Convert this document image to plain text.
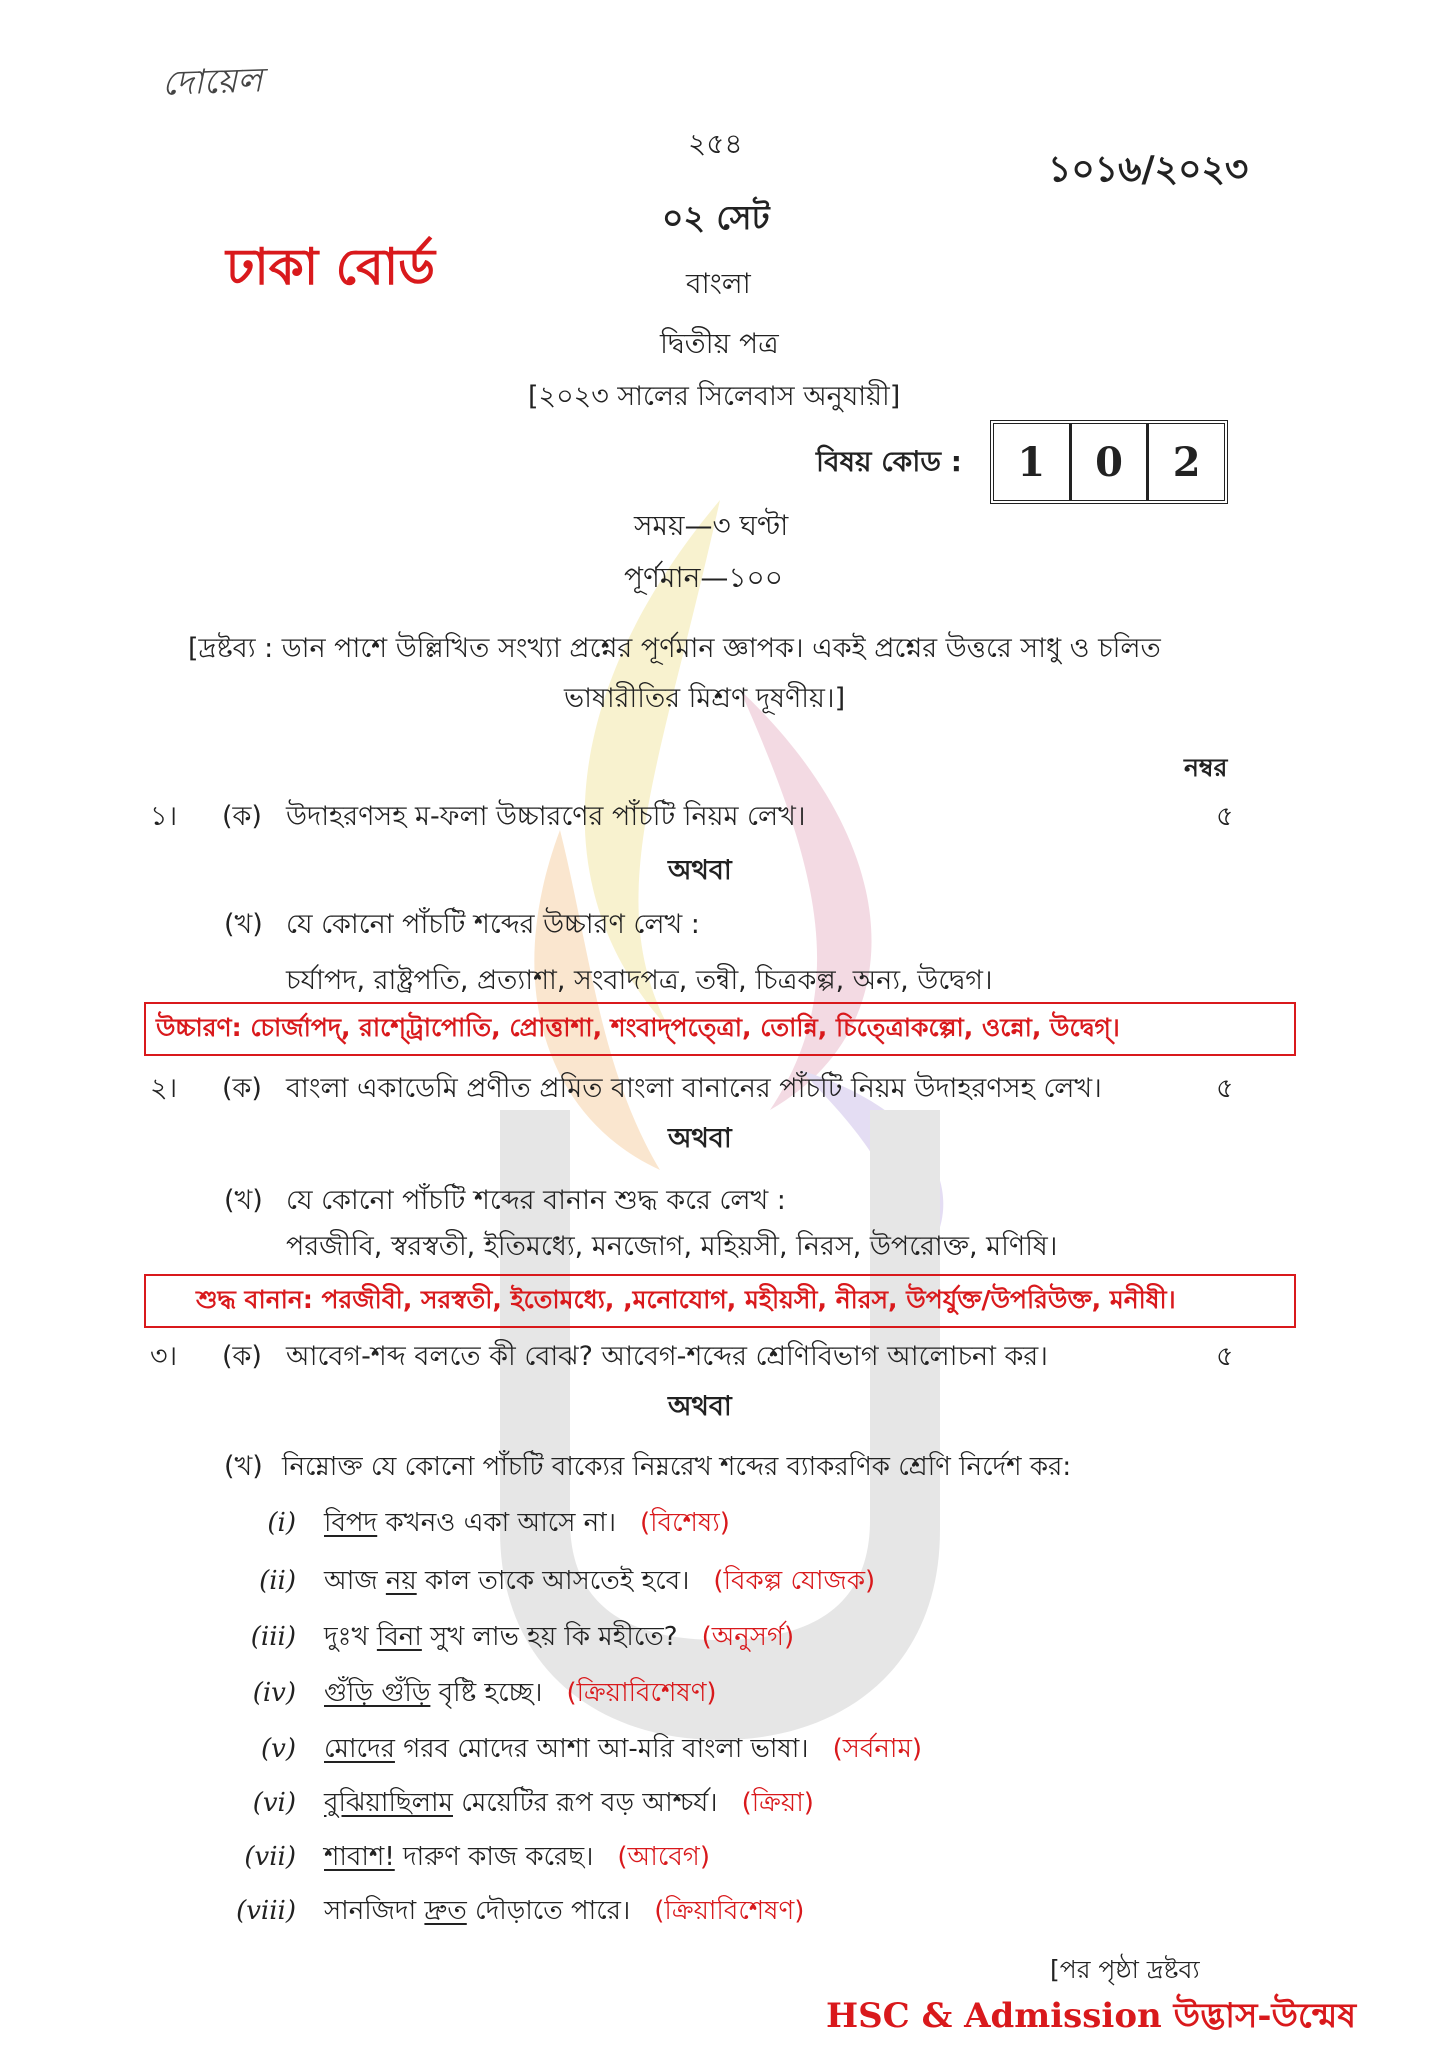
দোয়েল
২৫৪
১০১৬/২০২৩
০২ সেট
ঢাকা বোর্ড	বাংলা
দ্বিতীয় পত্র
[২০২৩ সালের সিলেবাস অনুযায়ী]
বিষয় কোড :	1	0	2
সময়—৩ ঘণ্টা
পূর্ণমান—১০০
[দ্রষ্টব্য : ডান পাশে উল্লিখিত সংখ্যা প্রশ্নের পূর্ণমান জ্ঞাপক। একই প্রশ্নের উত্তরে সাধু ও চলিত
ভাষারীতির মিশ্রণ দূষণীয়।]
নম্বর
১। (ক) উদাহরণসহ ম-ফলা উচ্চারণের পাঁচটি নিয়ম লেখ।	৫
অথবা
(খ) যে কোনো পাঁচটি শব্দের উচ্চারণ লেখ :
চর্যাপদ, রাষ্ট্রপতি, প্রত্যাশা, সংবাদপত্র, তন্বী, চিত্রকল্প, অন্য, উদ্বেগ।
উচ্চারণ: চোর্জাপদ্, রাশ্ট্রোপোতি, প্রোত্তাশা, শংবাদ্পত্ত্রো, তোন্নি, চিত্ত্রোকল্পো, ওন্নো, উদ্বেগ্।
২। (ক) বাংলা একাডেমি প্রণীত প্রমিত বাংলা বানানের পাঁচটি নিয়ম উদাহরণসহ লেখ।	৫
অথবা
(খ) যে কোনো পাঁচটি শব্দের বানান শুদ্ধ করে লেখ :
পরজীবি, স্বরস্বতী, ইতিমধ্যে, মনজোগ, মহিয়সী, নিরস, উপরোক্ত, মণিষি।
শুদ্ধ বানান: পরজীবী, সরস্বতী, ইতোমধ্যে, ,মনোযোগ, মহীয়সী, নীরস, উপর্যুক্ত/উপরিউক্ত, মনীষী।
৩। (ক) আবেগ-শব্দ বলতে কী বোঝ? আবেগ-শব্দের শ্রেণিবিভাগ আলোচনা কর।	৫
অথবা
(খ) নিম্নোক্ত যে কোনো পাঁচটি বাক্যের নিম্নরেখ শব্দের ব্যাকরণিক শ্রেণি নির্দেশ কর:
(i) বিপদ কখনও একা আসে না। (বিশেষ্য)
(ii) আজ নয় কাল তাকে আসতেই হবে। (বিকল্প যোজক)
(iii) দুঃখ বিনা সুখ লাভ হয় কি মহীতে? (অনুসর্গ)
(iv) গুঁড়ি গুঁড়ি বৃষ্টি হচ্ছে। (ক্রিয়াবিশেষণ)
(v) মোদের গরব মোদের আশা আ-মরি বাংলা ভাষা। (সর্বনাম)
(vi) বুঝিয়াছিলাম মেয়েটির রূপ বড় আশ্চর্য। (ক্রিয়া)
(vii) শাবাশ! দারুণ কাজ করেছ। (আবেগ)
(viii) সানজিদা দ্রুত দৌড়াতে পারে। (ক্রিয়াবিশেষণ)
[পর পৃষ্ঠা দ্রষ্টব্য
HSC & Admission উদ্ভাস-উন্মেষ
